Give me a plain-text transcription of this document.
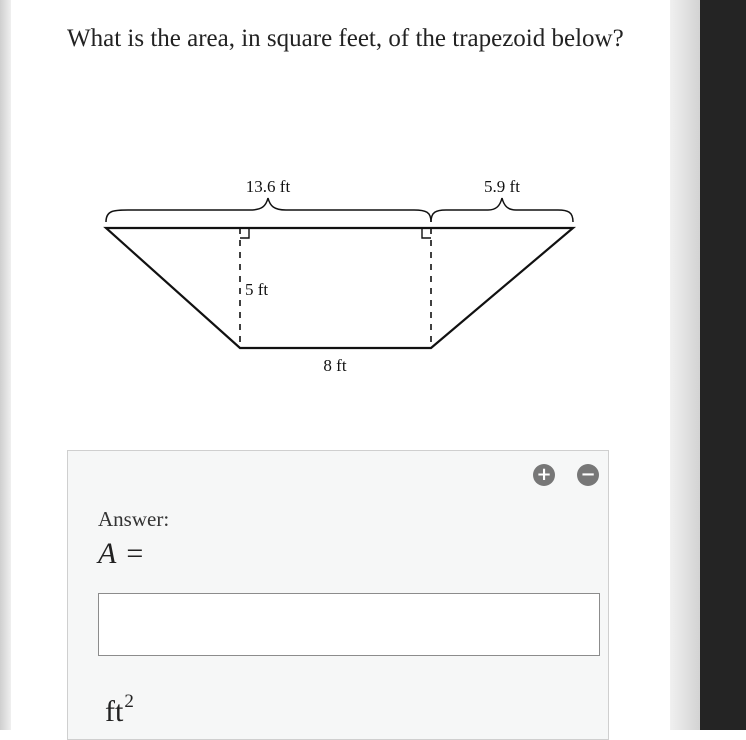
What is the area, in square feet, of the trapezoid below?
13.6 ft	5.9 ft
5 ft
8 ft
+ −
Answer:
A =
$ft^2$
